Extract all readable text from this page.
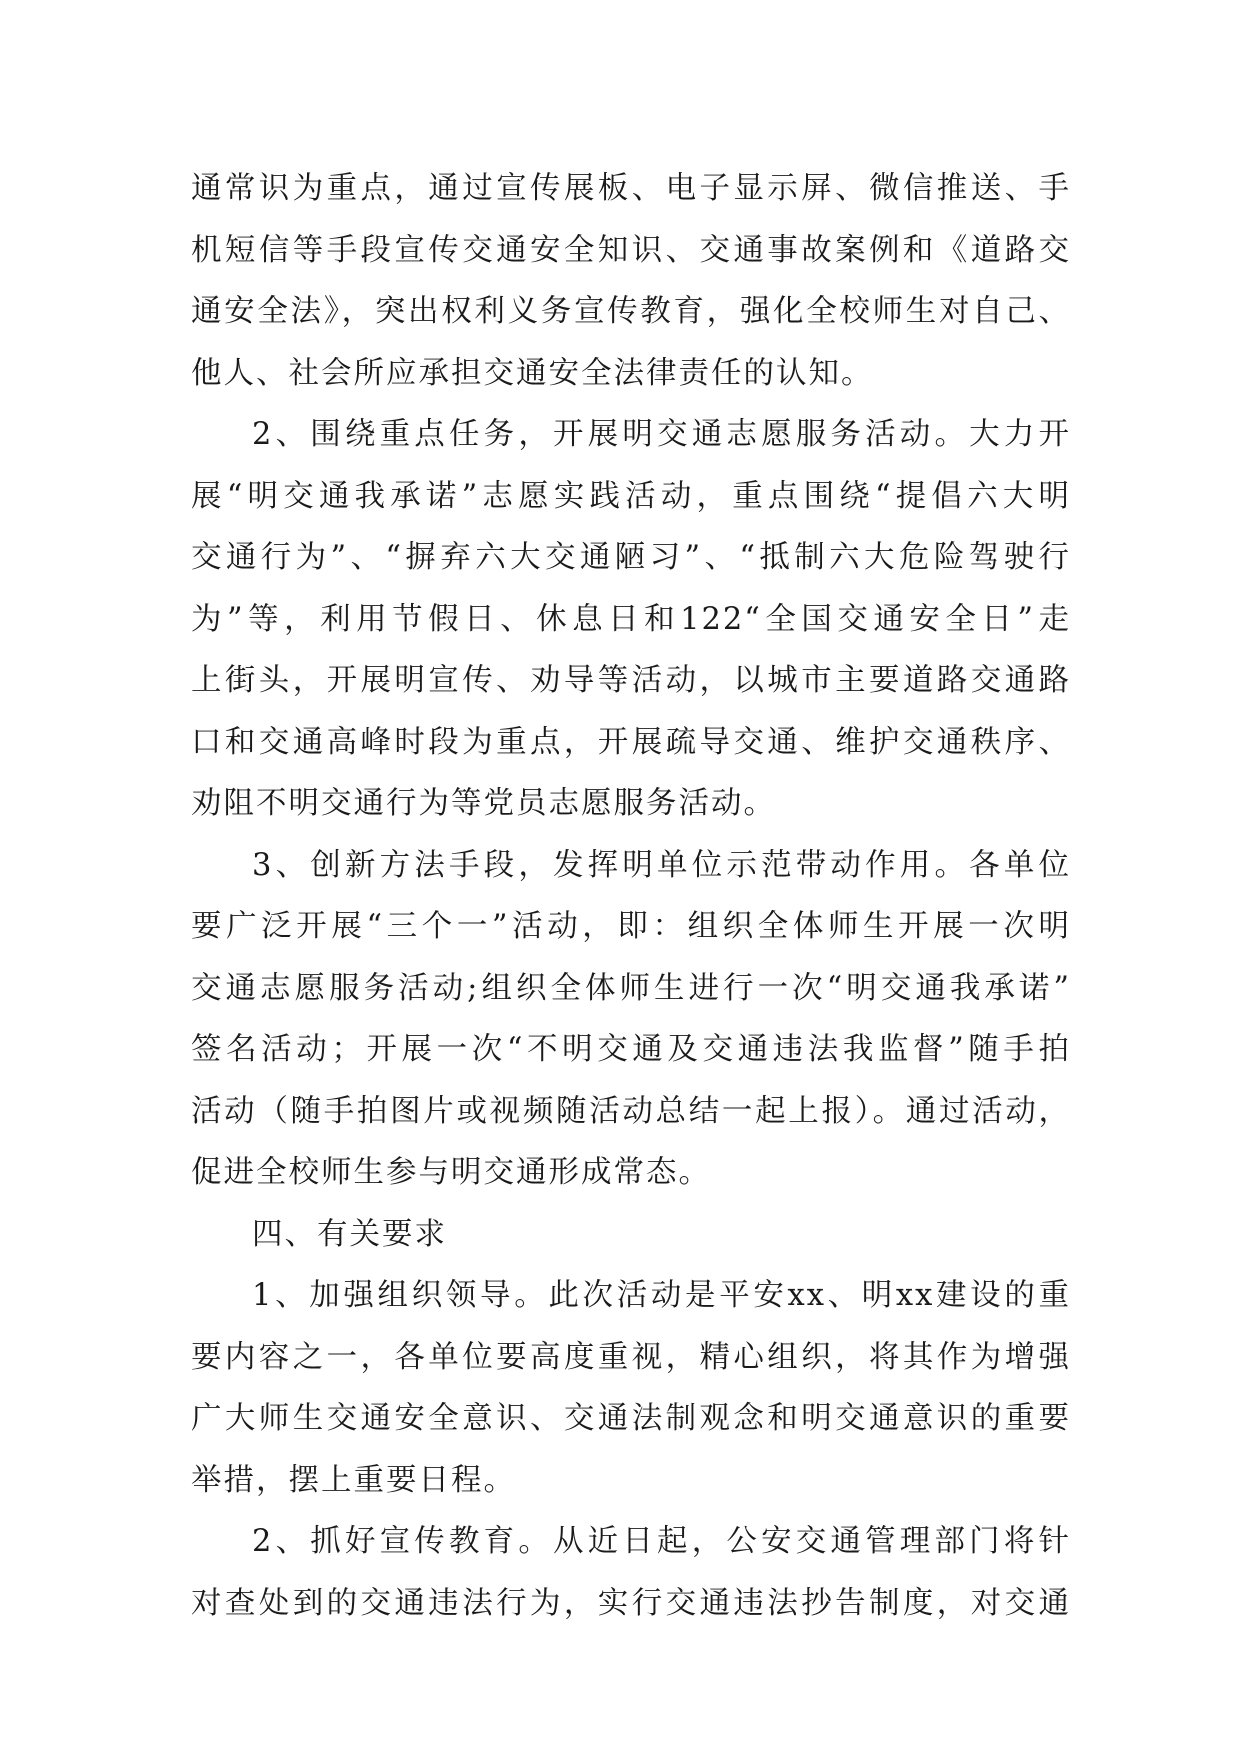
通常识为重点，通过宣传展板、电子显示屏、微信推送、手
机短信等手段宣传交通安全知识、交通事故案例和《道路交
通安全法》，突出权利义务宣传教育，强化全校师生对自己、
他人、社会所应承担交通安全法律责任的认知。
2、围绕重点任务，开展明交通志愿服务活动。大力开
展“明交通我承诺”志愿实践活动，重点围绕“提倡六大明
交通行为”、“摒弃六大交通陋习”、“抵制六大危险驾驶行
为”等，利用节假日、休息日和122“全国交通安全日”走
上街头，开展明宣传、劝导等活动，以城市主要道路交通路
口和交通高峰时段为重点，开展疏导交通、维护交通秩序、
劝阻不明交通行为等党员志愿服务活动。
3、创新方法手段，发挥明单位示范带动作用。各单位
要广泛开展“三个一”活动，即：组织全体师生开展一次明
交通志愿服务活动;组织全体师生进行一次“明交通我承诺”
签名活动；开展一次“不明交通及交通违法我监督”随手拍
活动（随手拍图片或视频随活动总结一起上报）。通过活动，
促进全校师生参与明交通形成常态。
四、有关要求
1、加强组织领导。此次活动是平安xx、明xx建设的重
要内容之一，各单位要高度重视，精心组织，将其作为增强
广大师生交通安全意识、交通法制观念和明交通意识的重要
举措，摆上重要日程。
2、抓好宣传教育。从近日起，公安交通管理部门将针
对查处到的交通违法行为，实行交通违法抄告制度，对交通
